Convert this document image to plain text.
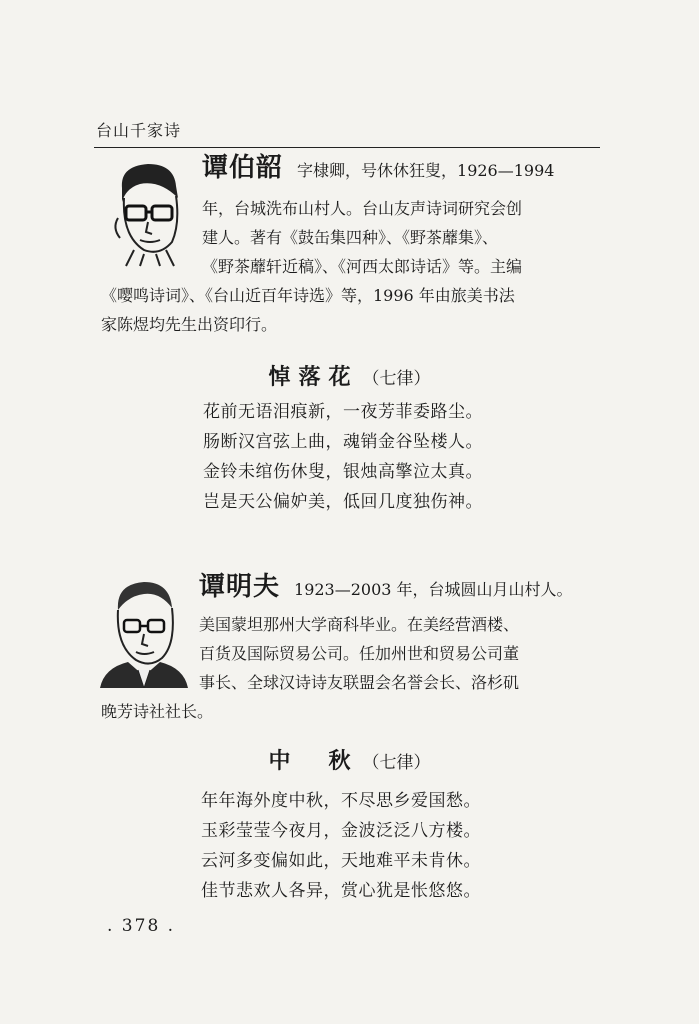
台山千家诗
谭伯韶 字棣卿，号休休狂叟，1926—1994
年，台城洗布山村人。台山友声诗词研究会创
建人。著有《鼓缶集四种》、《野茶蘼集》、
《野茶蘼轩近稿》、《河西太郎诗话》等。主编
《嘤鸣诗词》、《台山近百年诗选》等，1996 年由旅美书法
家陈煜均先生出资印行。
悼落花 （七律）
花前无语泪痕新，一夜芳菲委路尘。
肠断汉宫弦上曲，魂销金谷坠楼人。
金铃未绾伤休叟，银烛高擎泣太真。
岂是天公偏妒美，低回几度独伤神。
谭明夫 1923—2003 年，台城圆山月山村人。
美国蒙坦那州大学商科毕业。在美经营酒楼、
百货及国际贸易公司。任加州世和贸易公司董
事长、全球汉诗诗友联盟会名誉会长、洛杉矶
晚芳诗社社长。
中　秋 （七律）
年年海外度中秋，不尽思乡爱国愁。
玉彩莹莹今夜月，金波泛泛八方楼。
云河多变偏如此，天地难平未肯休。
佳节悲欢人各异，赏心犹是怅悠悠。
. 378 .
